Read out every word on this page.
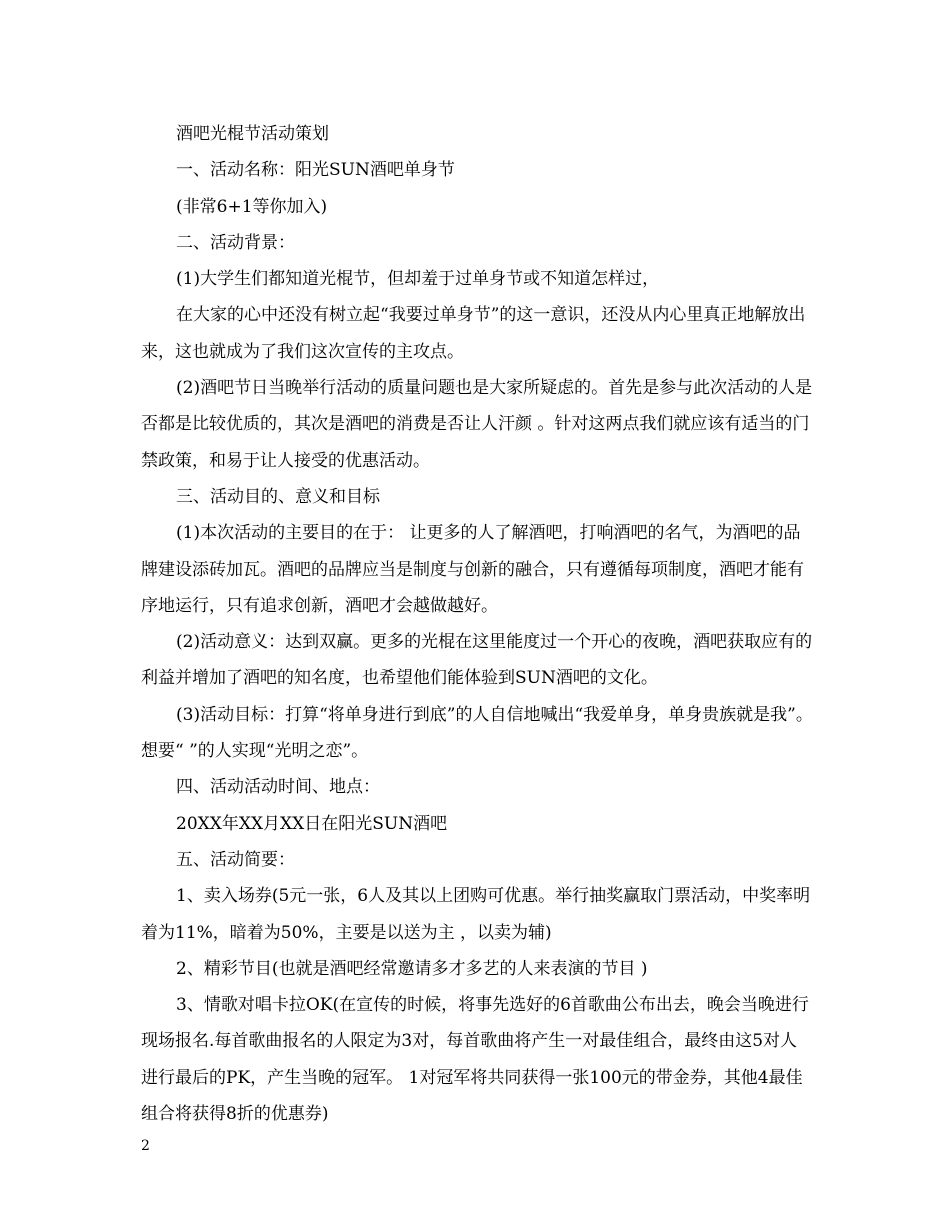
酒吧光棍节活动策划

一、活动名称：阳光SUN酒吧单身节

(非常6+1等你加入)

二、活动背景：

(1)大学生们都知道光棍节，但却羞于过单身节或不知道怎样过，

在大家的心中还没有树立起“我要过单身节”的这一意识，还没从内心里真正地解放出来，这也就成为了我们这次宣传的主攻点。

(2)酒吧节日当晚举行活动的质量问题也是大家所疑虑的。首先是参与此次活动的人是否都是比较优质的，其次是酒吧的消费是否让人汗颜 。针对这两点我们就应该有适当的门禁政策，和易于让人接受的优惠活动。

三、活动目的、意义和目标

(1)本次活动的主要目的在于： 让更多的人了解酒吧，打响酒吧的名气，为酒吧的品牌建设添砖加瓦。酒吧的品牌应当是制度与创新的融合，只有遵循每项制度，酒吧才能有序地运行，只有追求创新，酒吧才会越做越好。

(2)活动意义：达到双赢。更多的光棍在这里能度过一个开心的夜晚，酒吧获取应有的利益并增加了酒吧的知名度，也希望他们能体验到SUN酒吧的文化。

(3)活动目标：打算“将单身进行到底”的人自信地喊出“我爱单身，单身贵族就是我”。想要“ ”的人实现“光明之恋”。

四、活动活动时间、地点：

20XX年XX月XX日在阳光SUN酒吧

五、活动简要：

1、卖入场券(5元一张，6人及其以上团购可优惠。举行抽奖赢取门票活动，中奖率明着为11%，暗着为50%，主要是以送为主 ，以卖为辅)

2、精彩节目(也就是酒吧经常邀请多才多艺的人来表演的节目 )

3、情歌对唱卡拉OK(在宣传的时候，将事先选好的6首歌曲公布出去，晚会当晚进行现场报名.每首歌曲报名的人限定为3对，每首歌曲将产生一对最佳组合，最终由这5对人进行最后的PK，产生当晚的冠军。 1对冠军将共同获得一张100元的带金券，其他4最佳组合将获得8折的优惠券)

2
